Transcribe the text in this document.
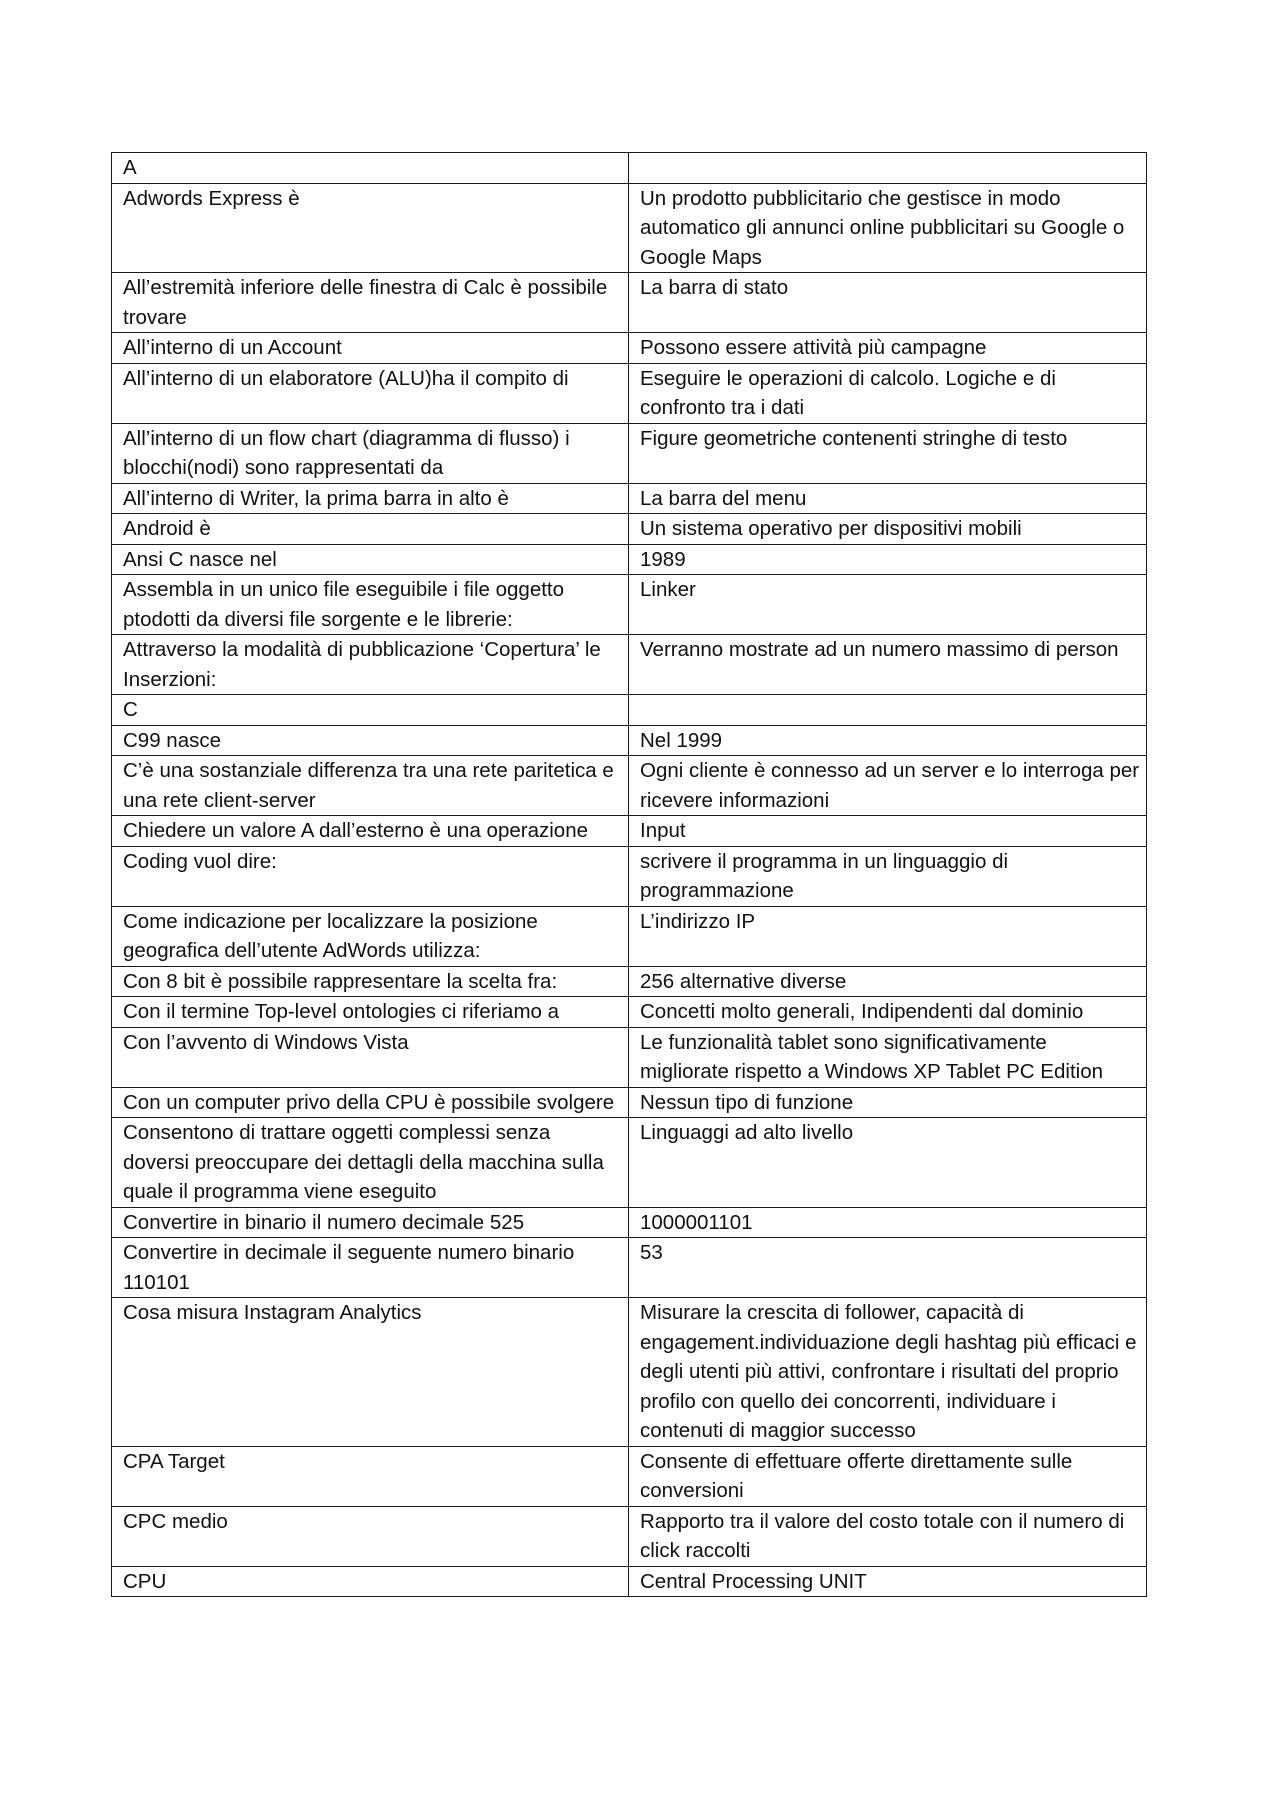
A	
Adwords Express è	Un prodotto pubblicitario che gestisce in modo automatico gli annunci online pubblicitari su Google o Google Maps
All’estremità inferiore delle finestra di Calc è possibile trovare	La barra di stato
All’interno di un Account	Possono essere attività più campagne
All’interno di un elaboratore (ALU)ha il compito di	Eseguire le operazioni di calcolo. Logiche e di confronto tra i dati
All’interno di un flow chart (diagramma di flusso) i blocchi(nodi) sono rappresentati da	Figure geometriche contenenti stringhe di testo
All’interno di Writer, la prima barra in alto è	La barra del menu
Android è	Un sistema operativo per dispositivi mobili
Ansi C nasce nel	1989
Assembla in un unico file eseguibile i file oggetto ptodotti da diversi file sorgente e le librerie:	Linker
Attraverso la modalità di pubblicazione ‘Copertura’ le Inserzioni:	Verranno mostrate ad un numero massimo di person
C	
C99 nasce	Nel 1999
C’è una sostanziale differenza tra una rete paritetica e una rete client-server	Ogni cliente è connesso ad un server e lo interroga per ricevere informazioni
Chiedere un valore A dall’esterno è una operazione	Input
Coding vuol dire:	scrivere il programma in un linguaggio di programmazione
Come indicazione per localizzare la posizione geografica dell’utente AdWords utilizza:	L’indirizzo IP
Con 8 bit è possibile rappresentare la scelta fra:	256 alternative diverse
Con il termine Top-level ontologies ci riferiamo a	Concetti molto generali, Indipendenti dal dominio
Con l’avvento di Windows Vista	Le funzionalità tablet sono significativamente migliorate rispetto a Windows XP Tablet PC Edition
Con un computer privo della CPU è possibile svolgere	Nessun tipo di funzione
Consentono di trattare oggetti complessi senza doversi preoccupare dei dettagli della macchina sulla quale il programma viene eseguito	Linguaggi ad alto livello
Convertire in binario il numero decimale 525	1000001101
Convertire in decimale il seguente numero binario 110101	53
Cosa misura Instagram Analytics	Misurare la crescita di follower, capacità di engagement.individuazione degli hashtag più efficaci e degli utenti più attivi, confrontare i risultati del proprio profilo con quello dei concorrenti, individuare i contenuti di maggior successo
CPA Target	Consente di effettuare offerte direttamente sulle conversioni
CPC medio	Rapporto tra il valore del costo totale con il numero di click raccolti
CPU	Central Processing UNIT
